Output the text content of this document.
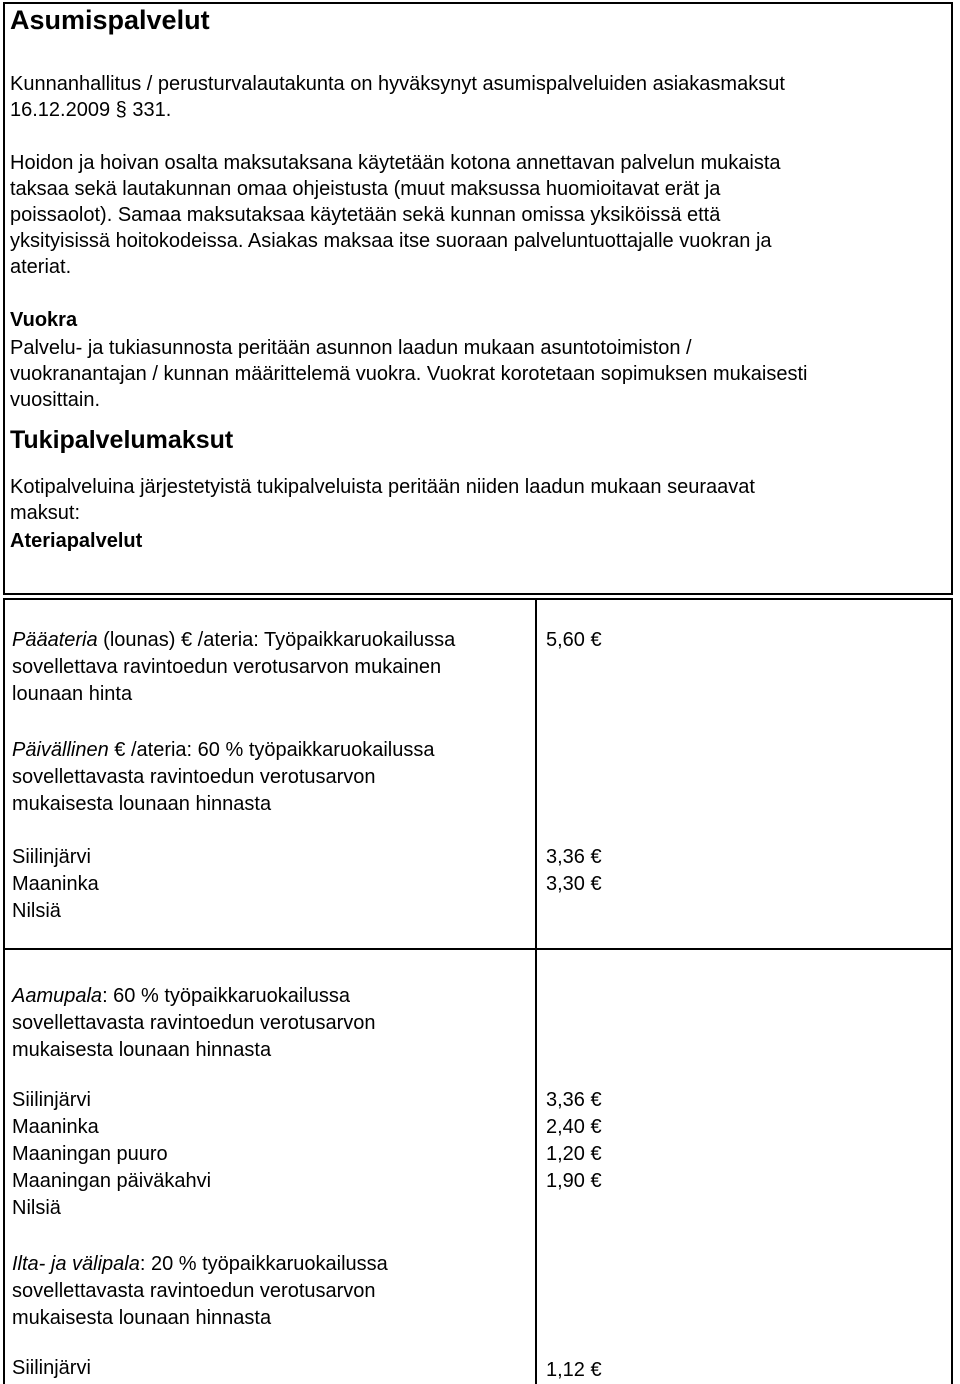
Asumispalvelut
Kunnanhallitus / perusturvalautakunta on hyväksynyt asumispalveluiden asiakasmaksut
16.12.2009 § 331.
Hoidon ja hoivan osalta maksutaksana käytetään kotona annettavan palvelun mukaista
taksaa sekä lautakunnan omaa ohjeistusta (muut maksussa huomioitavat erät ja
poissaolot). Samaa maksutaksaa käytetään sekä kunnan omissa yksiköissä että
yksityisissä hoitokodeissa. Asiakas maksaa itse suoraan palveluntuottajalle vuokran ja
ateriat.
Vuokra
Palvelu- ja tukiasunnosta peritään asunnon laadun mukaan asuntotoimiston /
vuokranantajan / kunnan määrittelemä vuokra. Vuokrat korotetaan sopimuksen mukaisesti
vuosittain.
Tukipalvelumaksut
Kotipalveluina järjestetyistä tukipalveluista peritään niiden laadun mukaan seuraavat
maksut:
Ateriapalvelut
Pääateria (lounas) € /ateria: Työpaikkaruokailussa
sovellettava ravintoedun verotusarvon mukainen
lounaan hinta
5,60 €
Päivällinen € /ateria: 60 % työpaikkaruokailussa
sovellettavasta ravintoedun verotusarvon
mukaisesta lounaan hinnasta
Siilinjärvi
Maaninka
Nilsiä
3,36 €
3,30 €
Aamupala: 60 % työpaikkaruokailussa
sovellettavasta ravintoedun verotusarvon
mukaisesta lounaan hinnasta
Siilinjärvi
Maaninka
Maaningan puuro
Maaningan päiväkahvi
Nilsiä
3,36 €
2,40 €
1,20 €
1,90 €
Ilta- ja välipala: 20 % työpaikkaruokailussa
sovellettavasta ravintoedun verotusarvon
mukaisesta lounaan hinnasta
Siilinjärvi	1,12 €
